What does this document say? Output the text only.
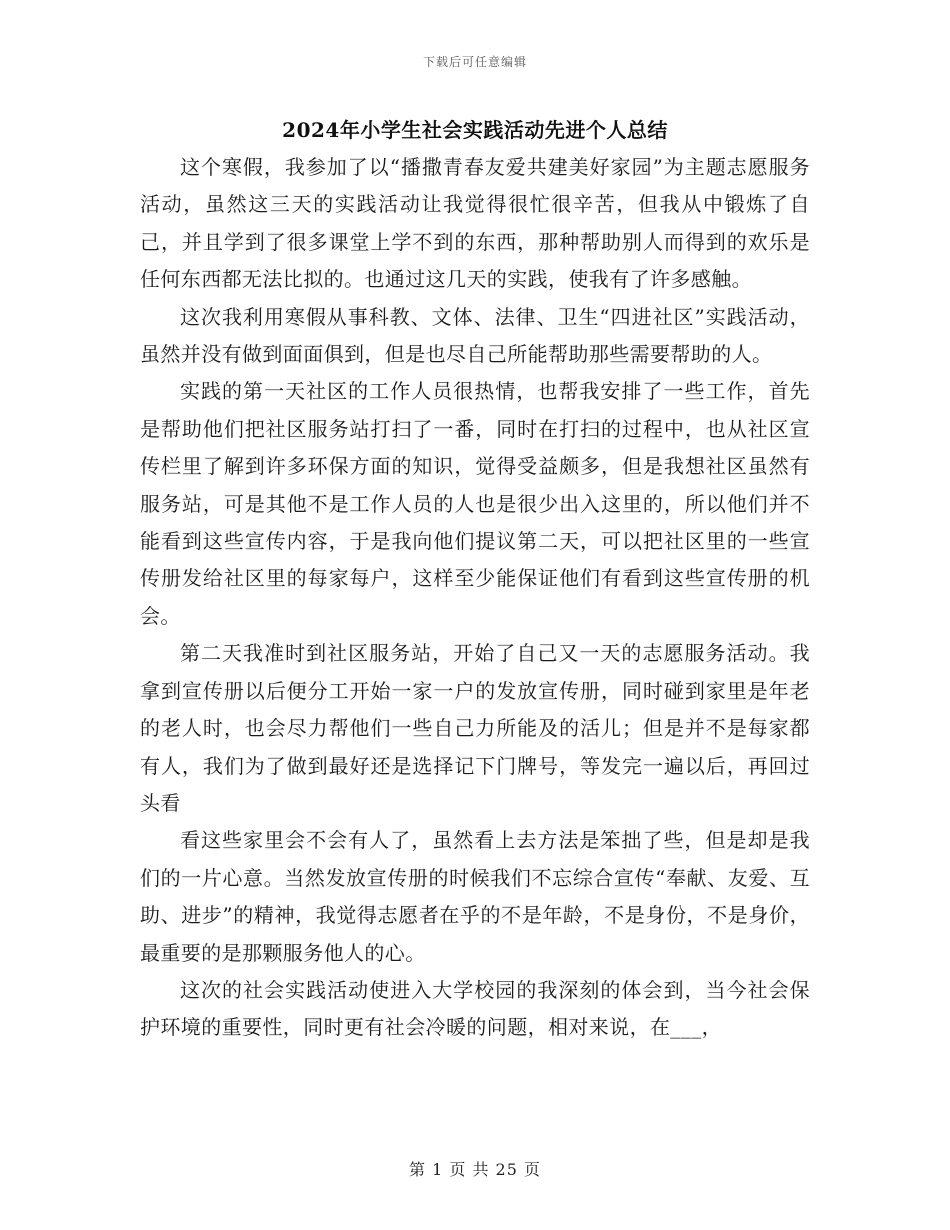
下载后可任意编辑
2024年小学生社会实践活动先进个人总结

这个寒假，我参加了以“播撒青春友爱共建美好家园”为主题志愿服务活动，虽然这三天的实践活动让我觉得很忙很辛苦，但我从中锻炼了自己，并且学到了很多课堂上学不到的东西，那种帮助别人而得到的欢乐是任何东西都无法比拟的。也通过这几天的实践，使我有了许多感触。

这次我利用寒假从事科教、文体、法律、卫生“四进社区”实践活动，虽然并没有做到面面俱到，但是也尽自己所能帮助那些需要帮助的人。

实践的第一天社区的工作人员很热情，也帮我安排了一些工作，首先是帮助他们把社区服务站打扫了一番，同时在打扫的过程中，也从社区宣传栏里了解到许多环保方面的知识，觉得受益颇多，但是我想社区虽然有服务站，可是其他不是工作人员的人也是很少出入这里的，所以他们并不能看到这些宣传内容，于是我向他们提议第二天，可以把社区里的一些宣传册发给社区里的每家每户，这样至少能保证他们有看到这些宣传册的机会。

第二天我准时到社区服务站，开始了自己又一天的志愿服务活动。我拿到宣传册以后便分工开始一家一户的发放宣传册，同时碰到家里是年老的老人时，也会尽力帮他们一些自己力所能及的活儿；但是并不是每家都有人，我们为了做到最好还是选择记下门牌号，等发完一遍以后，再回过头看

看这些家里会不会有人了，虽然看上去方法是笨拙了些，但是却是我们的一片心意。当然发放宣传册的时候我们不忘综合宣传“奉献、友爱、互助、进步”的精神，我觉得志愿者在乎的不是年龄，不是身份，不是身价，最重要的是那颗服务他人的心。

这次的社会实践活动使进入大学校园的我深刻的体会到，当今社会保护环境的重要性，同时更有社会冷暖的问题，相对来说，在___，

第 1 页 共 25 页
